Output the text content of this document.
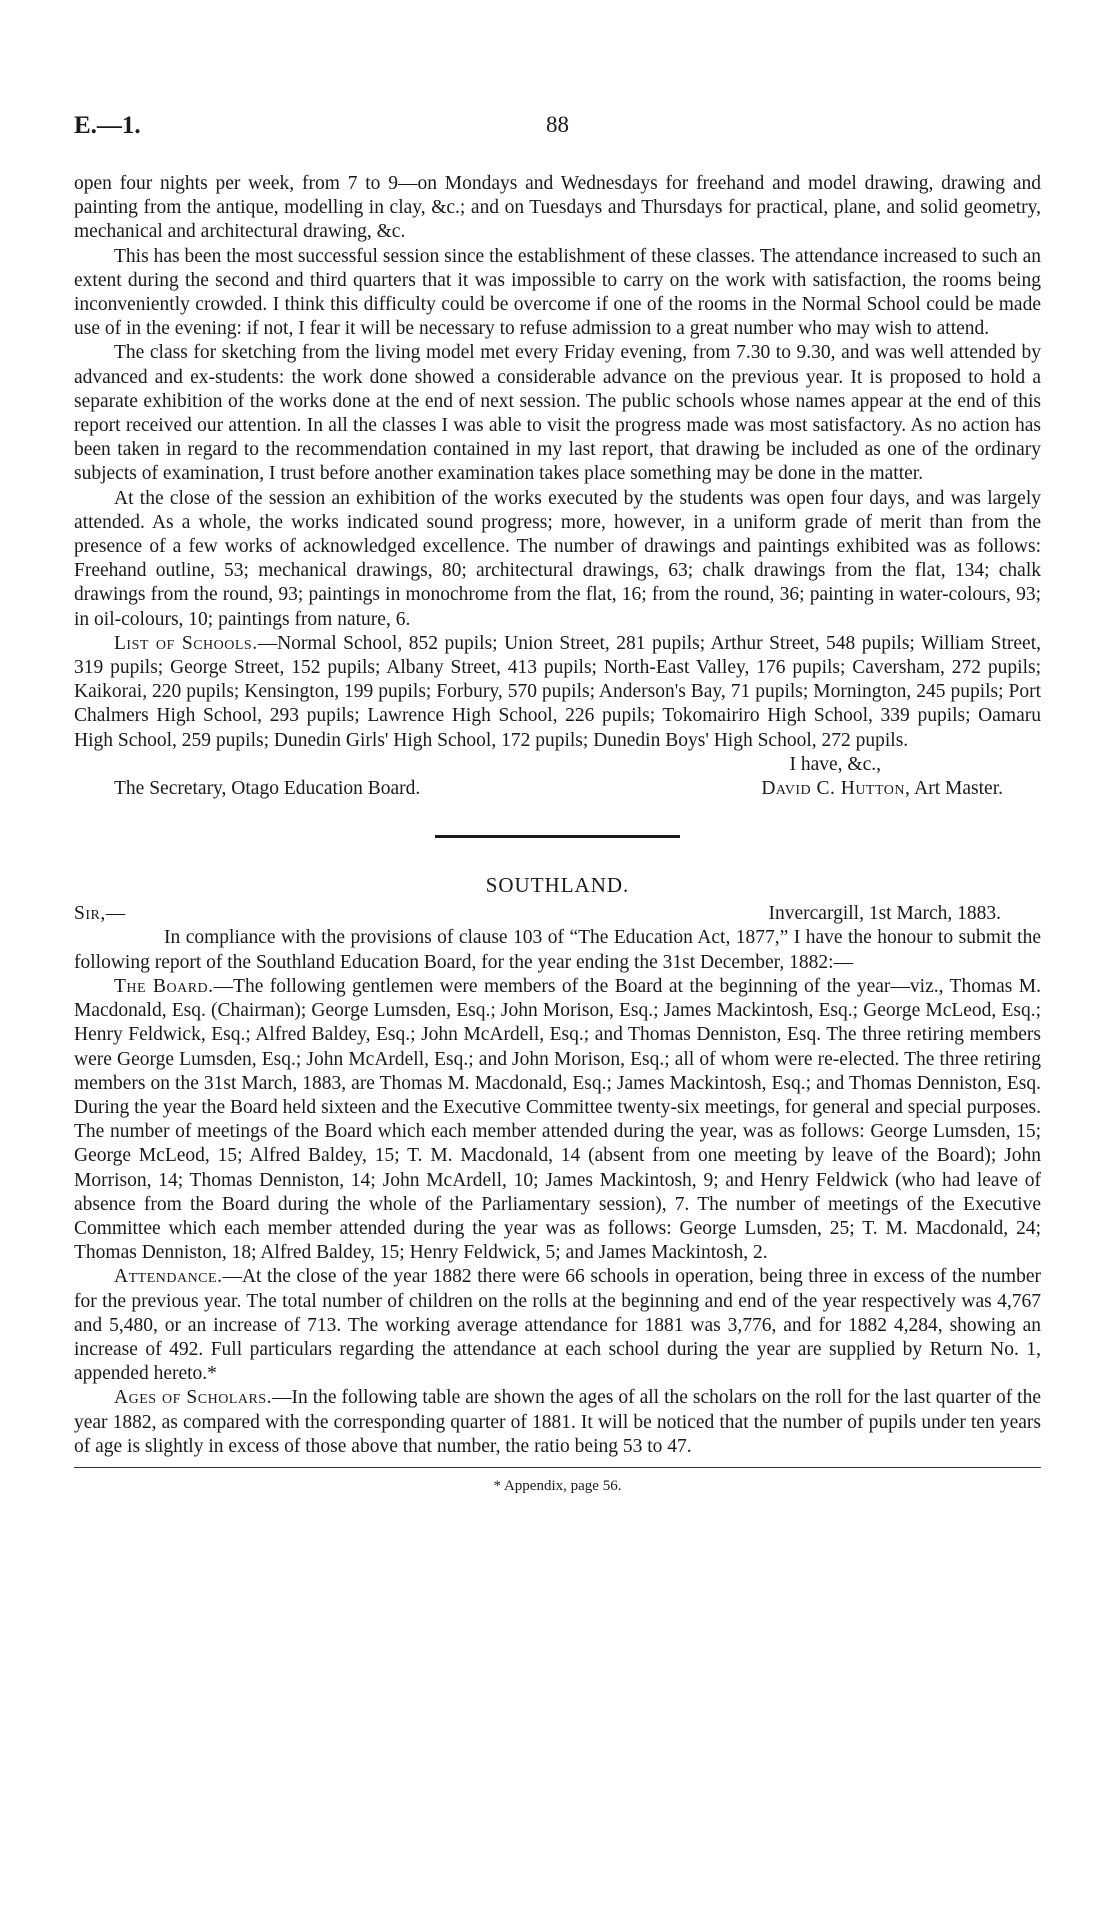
88
E.—1.

open four nights per week, from 7 to 9—on Mondays and Wednesdays for freehand and model drawing, drawing and painting from the antique, modelling in clay, &c.; and on Tuesdays and Thursdays for practical, plane, and solid geometry, mechanical and architectural drawing, &c.

This has been the most successful session since the establishment of these classes. The attendance increased to such an extent during the second and third quarters that it was impossible to carry on the work with satisfaction, the rooms being inconveniently crowded. I think this difficulty could be overcome if one of the rooms in the Normal School could be made use of in the evening: if not, I fear it will be necessary to refuse admission to a great number who may wish to attend.

The class for sketching from the living model met every Friday evening, from 7.30 to 9.30, and was well attended by advanced and ex-students: the work done showed a considerable advance on the previous year. It is proposed to hold a separate exhibition of the works done at the end of next session. The public schools whose names appear at the end of this report received our attention. In all the classes I was able to visit the progress made was most satisfactory. As no action has been taken in regard to the recommendation contained in my last report, that drawing be included as one of the ordinary subjects of examination, I trust before another examination takes place something may be done in the matter.

At the close of the session an exhibition of the works executed by the students was open four days, and was largely attended. As a whole, the works indicated sound progress; more, however, in a uniform grade of merit than from the presence of a few works of acknowledged excellence. The number of drawings and paintings exhibited was as follows: Freehand outline, 53; mechanical drawings, 80; architectural drawings, 63; chalk drawings from the flat, 134; chalk drawings from the round, 93; paintings in monochrome from the flat, 16; from the round, 36; painting in water-colours, 93; in oil-colours, 10; paintings from nature, 6.

List of Schools.—Normal School, 852 pupils; Union Street, 281 pupils; Arthur Street, 548 pupils; William Street, 319 pupils; George Street, 152 pupils; Albany Street, 413 pupils; North-East Valley, 176 pupils; Caversham, 272 pupils; Kaikorai, 220 pupils; Kensington, 199 pupils; Forbury, 570 pupils; Anderson's Bay, 71 pupils; Mornington, 245 pupils; Port Chalmers High School, 293 pupils; Lawrence High School, 226 pupils; Tokomairiro High School, 339 pupils; Oamaru High School, 259 pupils; Dunedin Girls' High School, 172 pupils; Dunedin Boys' High School, 272 pupils.

I have, &c.,
The Secretary, Otago Education Board.	David C. Hutton, Art Master.
SOUTHLAND.
Sir,—	Invercargill, 1st March, 1883.

In compliance with the provisions of clause 103 of “The Education Act, 1877,” I have the honour to submit the following report of the Southland Education Board, for the year ending the 31st December, 1882:—

The Board.—The following gentlemen were members of the Board at the beginning of the year—viz., Thomas M. Macdonald, Esq. (Chairman); George Lumsden, Esq.; John Morison, Esq.; James Mackintosh, Esq.; George McLeod, Esq.; Henry Feldwick, Esq.; Alfred Baldey, Esq.; John McArdell, Esq.; and Thomas Denniston, Esq. The three retiring members were George Lumsden, Esq.; John McArdell, Esq.; and John Morison, Esq.; all of whom were re-elected. The three retiring members on the 31st March, 1883, are Thomas M. Macdonald, Esq.; James Mackintosh, Esq.; and Thomas Denniston, Esq. During the year the Board held sixteen and the Executive Committee twenty-six meetings, for general and special purposes. The number of meetings of the Board which each member attended during the year, was as follows: George Lumsden, 15; George McLeod, 15; Alfred Baldey, 15; T. M. Macdonald, 14 (absent from one meeting by leave of the Board); John Morrison, 14; Thomas Denniston, 14; John McArdell, 10; James Mackintosh, 9; and Henry Feldwick (who had leave of absence from the Board during the whole of the Parliamentary session), 7. The number of meetings of the Executive Committee which each member attended during the year was as follows: George Lumsden, 25; T. M. Macdonald, 24; Thomas Denniston, 18; Alfred Baldey, 15; Henry Feldwick, 5; and James Mackintosh, 2.

Attendance.—At the close of the year 1882 there were 66 schools in operation, being three in excess of the number for the previous year. The total number of children on the rolls at the beginning and end of the year respectively was 4,767 and 5,480, or an increase of 713. The working average attendance for 1881 was 3,776, and for 1882 4,284, showing an increase of 492. Full particulars regarding the attendance at each school during the year are supplied by Return No. 1, appended hereto.*

Ages of Scholars.—In the following table are shown the ages of all the scholars on the roll for the last quarter of the year 1882, as compared with the corresponding quarter of 1881. It will be noticed that the number of pupils under ten years of age is slightly in excess of those above that number, the ratio being 53 to 47.

* Appendix, page 56.
